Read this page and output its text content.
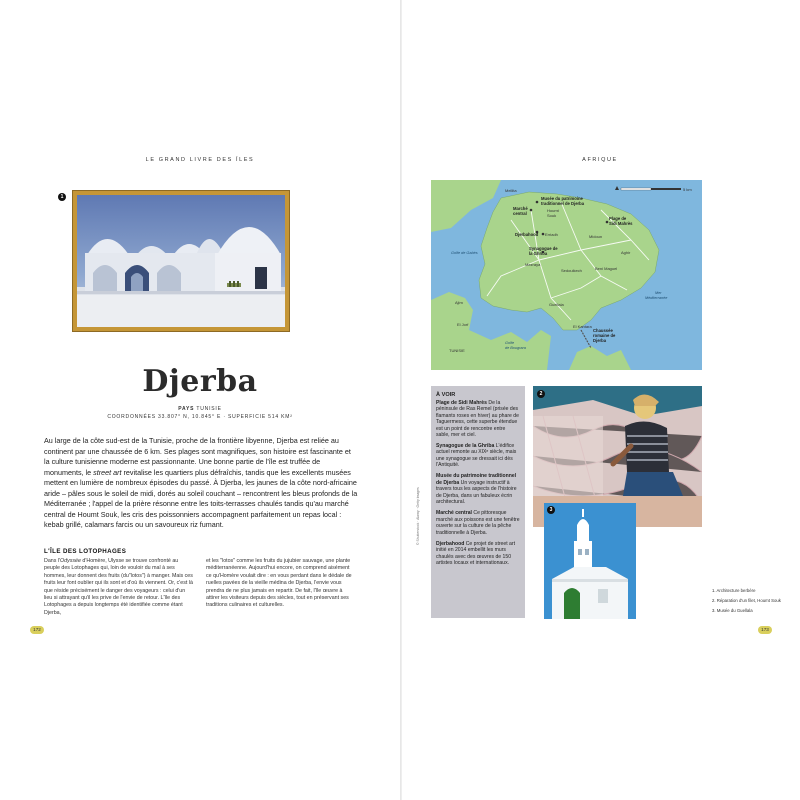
LE GRAND LIVRE DES ÎLES
1
Djerba
PAYS TUNISIE
COORDONNÉES 33.807° N, 10.845° E · SUPERFICIE 514 KM²

Au large de la côte sud-est de la Tunisie, proche de la frontière libyenne, Djerba est reliée au continent par une chaussée de 6 km. Ses plages sont magnifiques, son histoire est fascinante et la culture tunisienne moderne est passionnante. Une bonne partie de l'île est truffée de monuments, le street art revitalise les quartiers plus défraîchis, tandis que les excellents musées mettent en lumière de nombreux épisodes du passé. À Djerba, les jaunes de la côte nord-africaine aride – pâles sous le soleil de midi, dorés au soleil couchant – rencontrent les bleus profonds de la Méditerranée ; l'appel de la prière résonne entre les toits-terrasses chaulés tandis qu'au marché central de Houmt Souk, les cris des poissonniers accompagnent parfaitement un repas local : kebab grillé, calamars farcis ou un savoureux riz fumant.

L'ÎLE DES LOTOPHAGES

Dans l'Odyssée d'Homère, Ulysse se trouve confronté au peuple des Lotophages qui, loin de vouloir du mal à ses hommes, leur donnent des fruits (du"lotos") à manger. Mais ces fruits leur font oublier qui ils sont et d'où ils viennent. Or, c'est là que réside précisément le danger des voyageurs : celui d'un lieu si attrayant qu'il les prive de l'envie de retour. L'île des Lotophages a depuis longtemps été identifiée comme étant Djerba,

et les "lotos" comme les fruits du jujubier sauvage, une plante méditerranéenne. Aujourd'hui encore, on comprend aisément ce qu'Homère voulait dire : en vous perdant dans le dédale de ruelles pavées de la vieille médina de Djerba, l'envie vous prendra de ne plus jamais en repartir. De fait, l'île œuvre à attirer les visiteurs depuis des siècles, tout en préservant ses traditions culinaires et culturelles.

172
AFRIQUE
5 km
Musée du patrimoine
traditionnel de Djerba
Marché
central
Mellita
Houmt
Souk
Djerbahood Erriadh
Synagogue de
la Ghriba
Plage de
Sidi Mahrès
Midoun
Mezraya
Sedouikech	Beni Maguel
Aghir
Golfe de Gabès
Ajim	Guellala
El Kantara
Chaussée
romaine de
Djerba
Golfe
de Bougrara
El Jorf
TUNISIE
Mer
Méditerranée

À VOIR

Plage de Sidi Mahrès De la péninsule de Ras Remel (prisée des flamants roses en hiver) au phare de Taguermess, cette superbe étendue est un point de rencontre entre sable, mer et ciel.

Synagogue de la Ghriba L'édifice actuel remonte au XIXᵉ siècle, mais une synagogue se dressait ici dès l'Antiquité.

Musée du patrimoine traditionnel de Djerba Un voyage instructif à travers tous les aspects de l'histoire de Djerba, dans un fabuleux écrin architectural.

Marché central Ce pittoresque marché aux poissons est une fenêtre ouverte sur la culture de la pêche traditionnelle à Djerba.

Djerbahood Ce projet de street art initié en 2014 embellit les murs chaulés avec des œuvres de 150 artistes locaux et internationaux.

© Shutterstock · Alamy · Getty Images
2
3
1. Architecture berbère
2. Réparation d'un filet, Houmt Souk
3. Musée du Guellala
173
